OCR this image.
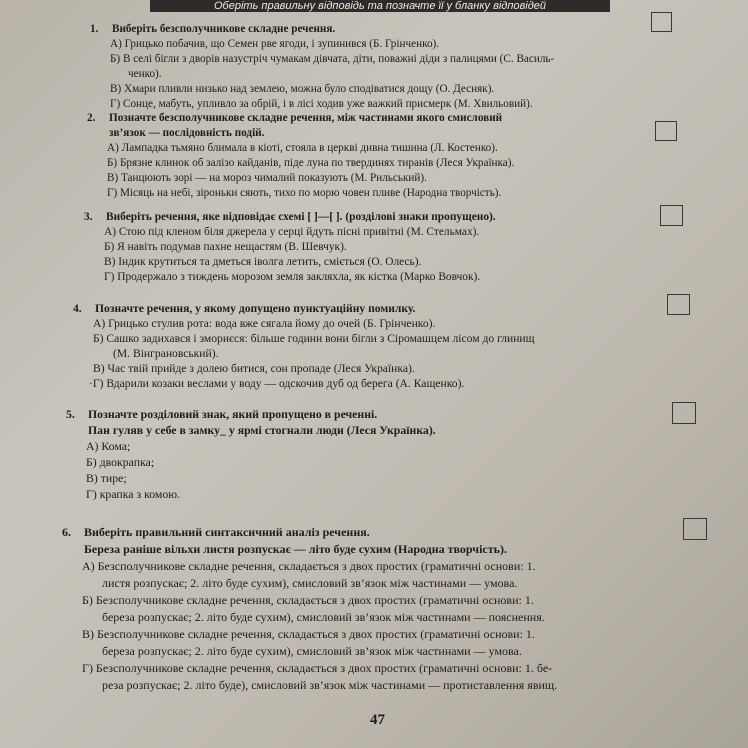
Оберіть правильну відповідь та позначте її у бланку відповідей
1. Виберіть безсполучникове складне речення.
А) Грицько побачив, що Семен рве ягоди, і зупинився (Б. Грінченко).
Б) В селі бігли з дворів назустріч чумакам дівчата, діти, поважні діди з палицями (С. Василь-
ченко).
В) Хмари пливли низько над землею, можна було сподіватися дощу (О. Десняк).
Г) Сонце, мабуть, упливло за обрій, і в лісі ходив уже важкий присмерк (М. Хвильовий).
2. Позначте безсполучникове складне речення, між частинами якого смисловий
зв’язок — послідовність подій.
А) Лампадка тьмяно блимала в кіоті, стояла в церкві дивна тишина (Л. Костенко).
Б) Брязне клинок об залізо кайданів, піде луна по твердинях тиранів (Леся Українка).
В) Танцюють зорі — на мороз чималий показують (М. Рильський).
Г) Місяць на небі, зіроньки сяють, тихо по морю човен пливе (Народна творчість).
3. Виберіть речення, яке відповідає схемі [ ]—[ ]. (розділові знаки пропущено).
А) Стою під кленом біля джерела у серці йдуть пісні привітні (М. Стельмах).
Б) Я навіть подумав пахне нещастям (В. Шевчук).
В) Індик крутиться та дметься іволга летить, сміється (О. Олесь).
Г) Продержало з тиждень морозом земля закляхла, як кістка (Марко Вовчок).
4. Позначте речення, у якому допущено пунктуаційну помилку.
А) Грицько стулив рота: вода вже сягала йому до очей (Б. Грінченко).
Б) Сашко задихався і змориєся: більше години вони бігли з Сіромашцем лісом до глинищ
(М. Вінграновський).
В) Час твій прийде з долею битися, сон пропаде (Леся Українка).
·Г) Вдарили козаки веслами у воду — одскочив дуб од берега (А. Кащенко).
5. Позначте розділовий знак, який пропущено в реченні.
Пан гуляв у себе в замку_ у ярмі стогнали люди (Леся Українка).
А) Кома;
Б) двокрапка;
В) тире;
Г) крапка з комою.
6. Виберіть правильний синтаксичний аналіз речення.
Береза раніше вільхи листя розпускає — літо буде сухим (Народна творчість).
А) Безсполучникове складне речення, складається з двох простих (граматичні основи: 1.
листя розпускає; 2. літо буде сухим), смисловий зв’язок між частинами — умова.
Б) Безсполучникове складне речення, складається з двох простих (граматичні основи: 1.
береза розпускає; 2. літо буде сухим), смисловий зв’язок між частинами — пояснення.
В) Безсполучникове складне речення, складається з двох простих (граматичні основи: 1.
береза розпускає; 2. літо буде сухим), смисловий зв’язок між частинами — умова.
Г) Безсполучникове складне речення, складається з двох простих (граматичні основи: 1. бе-
реза розпускає; 2. літо буде), смисловий зв’язок між частинами — протиставлення явищ.
47
